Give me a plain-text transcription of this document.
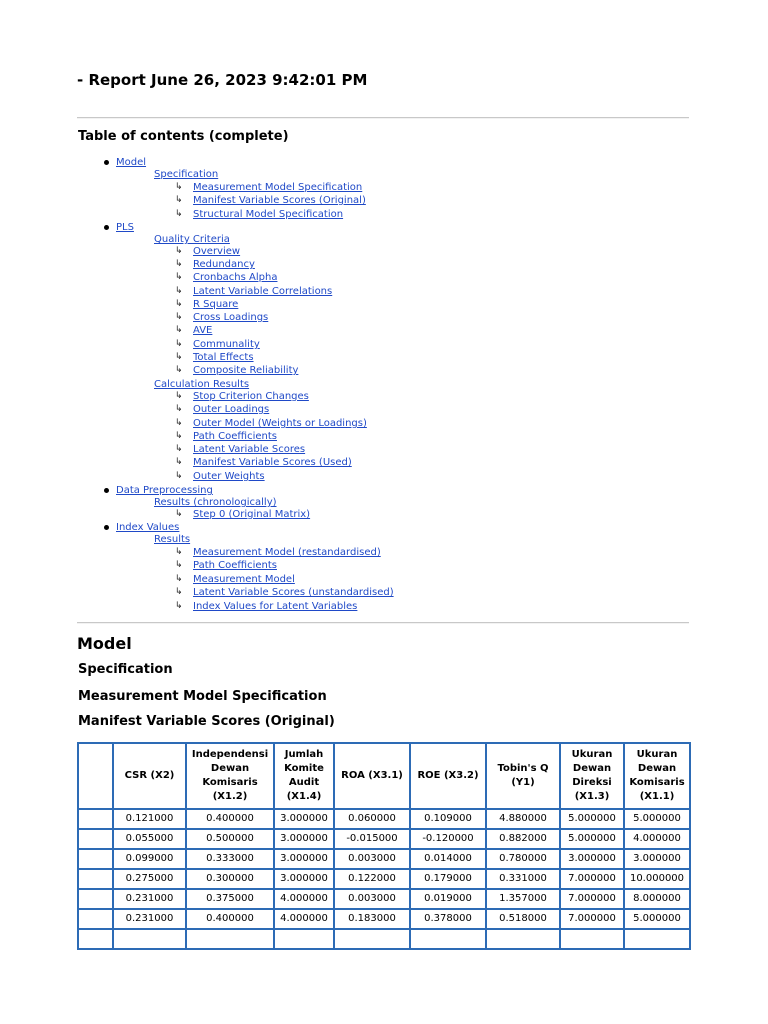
- Report June 26, 2023 9:42:01 PM
Table of contents (complete)
Model
Specification
↳	Measurement Model Specification
↳	Manifest Variable Scores (Original)
↳	Structural Model Specification
PLS
Quality Criteria
↳	Overview
↳	Redundancy
↳	Cronbachs Alpha
↳	Latent Variable Correlations
↳	R Square
↳	Cross Loadings
↳	AVE
↳	Communality
↳	Total Effects
↳	Composite Reliability
Calculation Results
↳	Stop Criterion Changes
↳	Outer Loadings
↳	Outer Model (Weights or Loadings)
↳	Path Coefficients
↳	Latent Variable Scores
↳	Manifest Variable Scores (Used)
↳	Outer Weights
Data Preprocessing
Results (chronologically)
↳	Step 0 (Original Matrix)
Index Values
Results
↳	Measurement Model (restandardised)
↳	Path Coefficients
↳	Measurement Model
↳	Latent Variable Scores (unstandardised)
↳	Index Values for Latent Variables
Model
Specification
Measurement Model Specification
Manifest Variable Scores (Original)
	CSR (X2)	Independensi Dewan Komisaris (X1.2)	Jumlah Komite Audit (X1.4)	ROA (X3.1)	ROE (X3.2)	Tobin's Q (Y1)	Ukuran Dewan Direksi (X1.3)	Ukuran Dewan Komisaris (X1.1)
	0.121000	0.400000	3.000000	0.060000	0.109000	4.880000	5.000000	5.000000
	0.055000	0.500000	3.000000	-0.015000	-0.120000	0.882000	5.000000	4.000000
	0.099000	0.333000	3.000000	0.003000	0.014000	0.780000	3.000000	3.000000
	0.275000	0.300000	3.000000	0.122000	0.179000	0.331000	7.000000	10.000000
	0.231000	0.375000	4.000000	0.003000	0.019000	1.357000	7.000000	8.000000
	0.231000	0.400000	4.000000	0.183000	0.378000	0.518000	7.000000	5.000000
